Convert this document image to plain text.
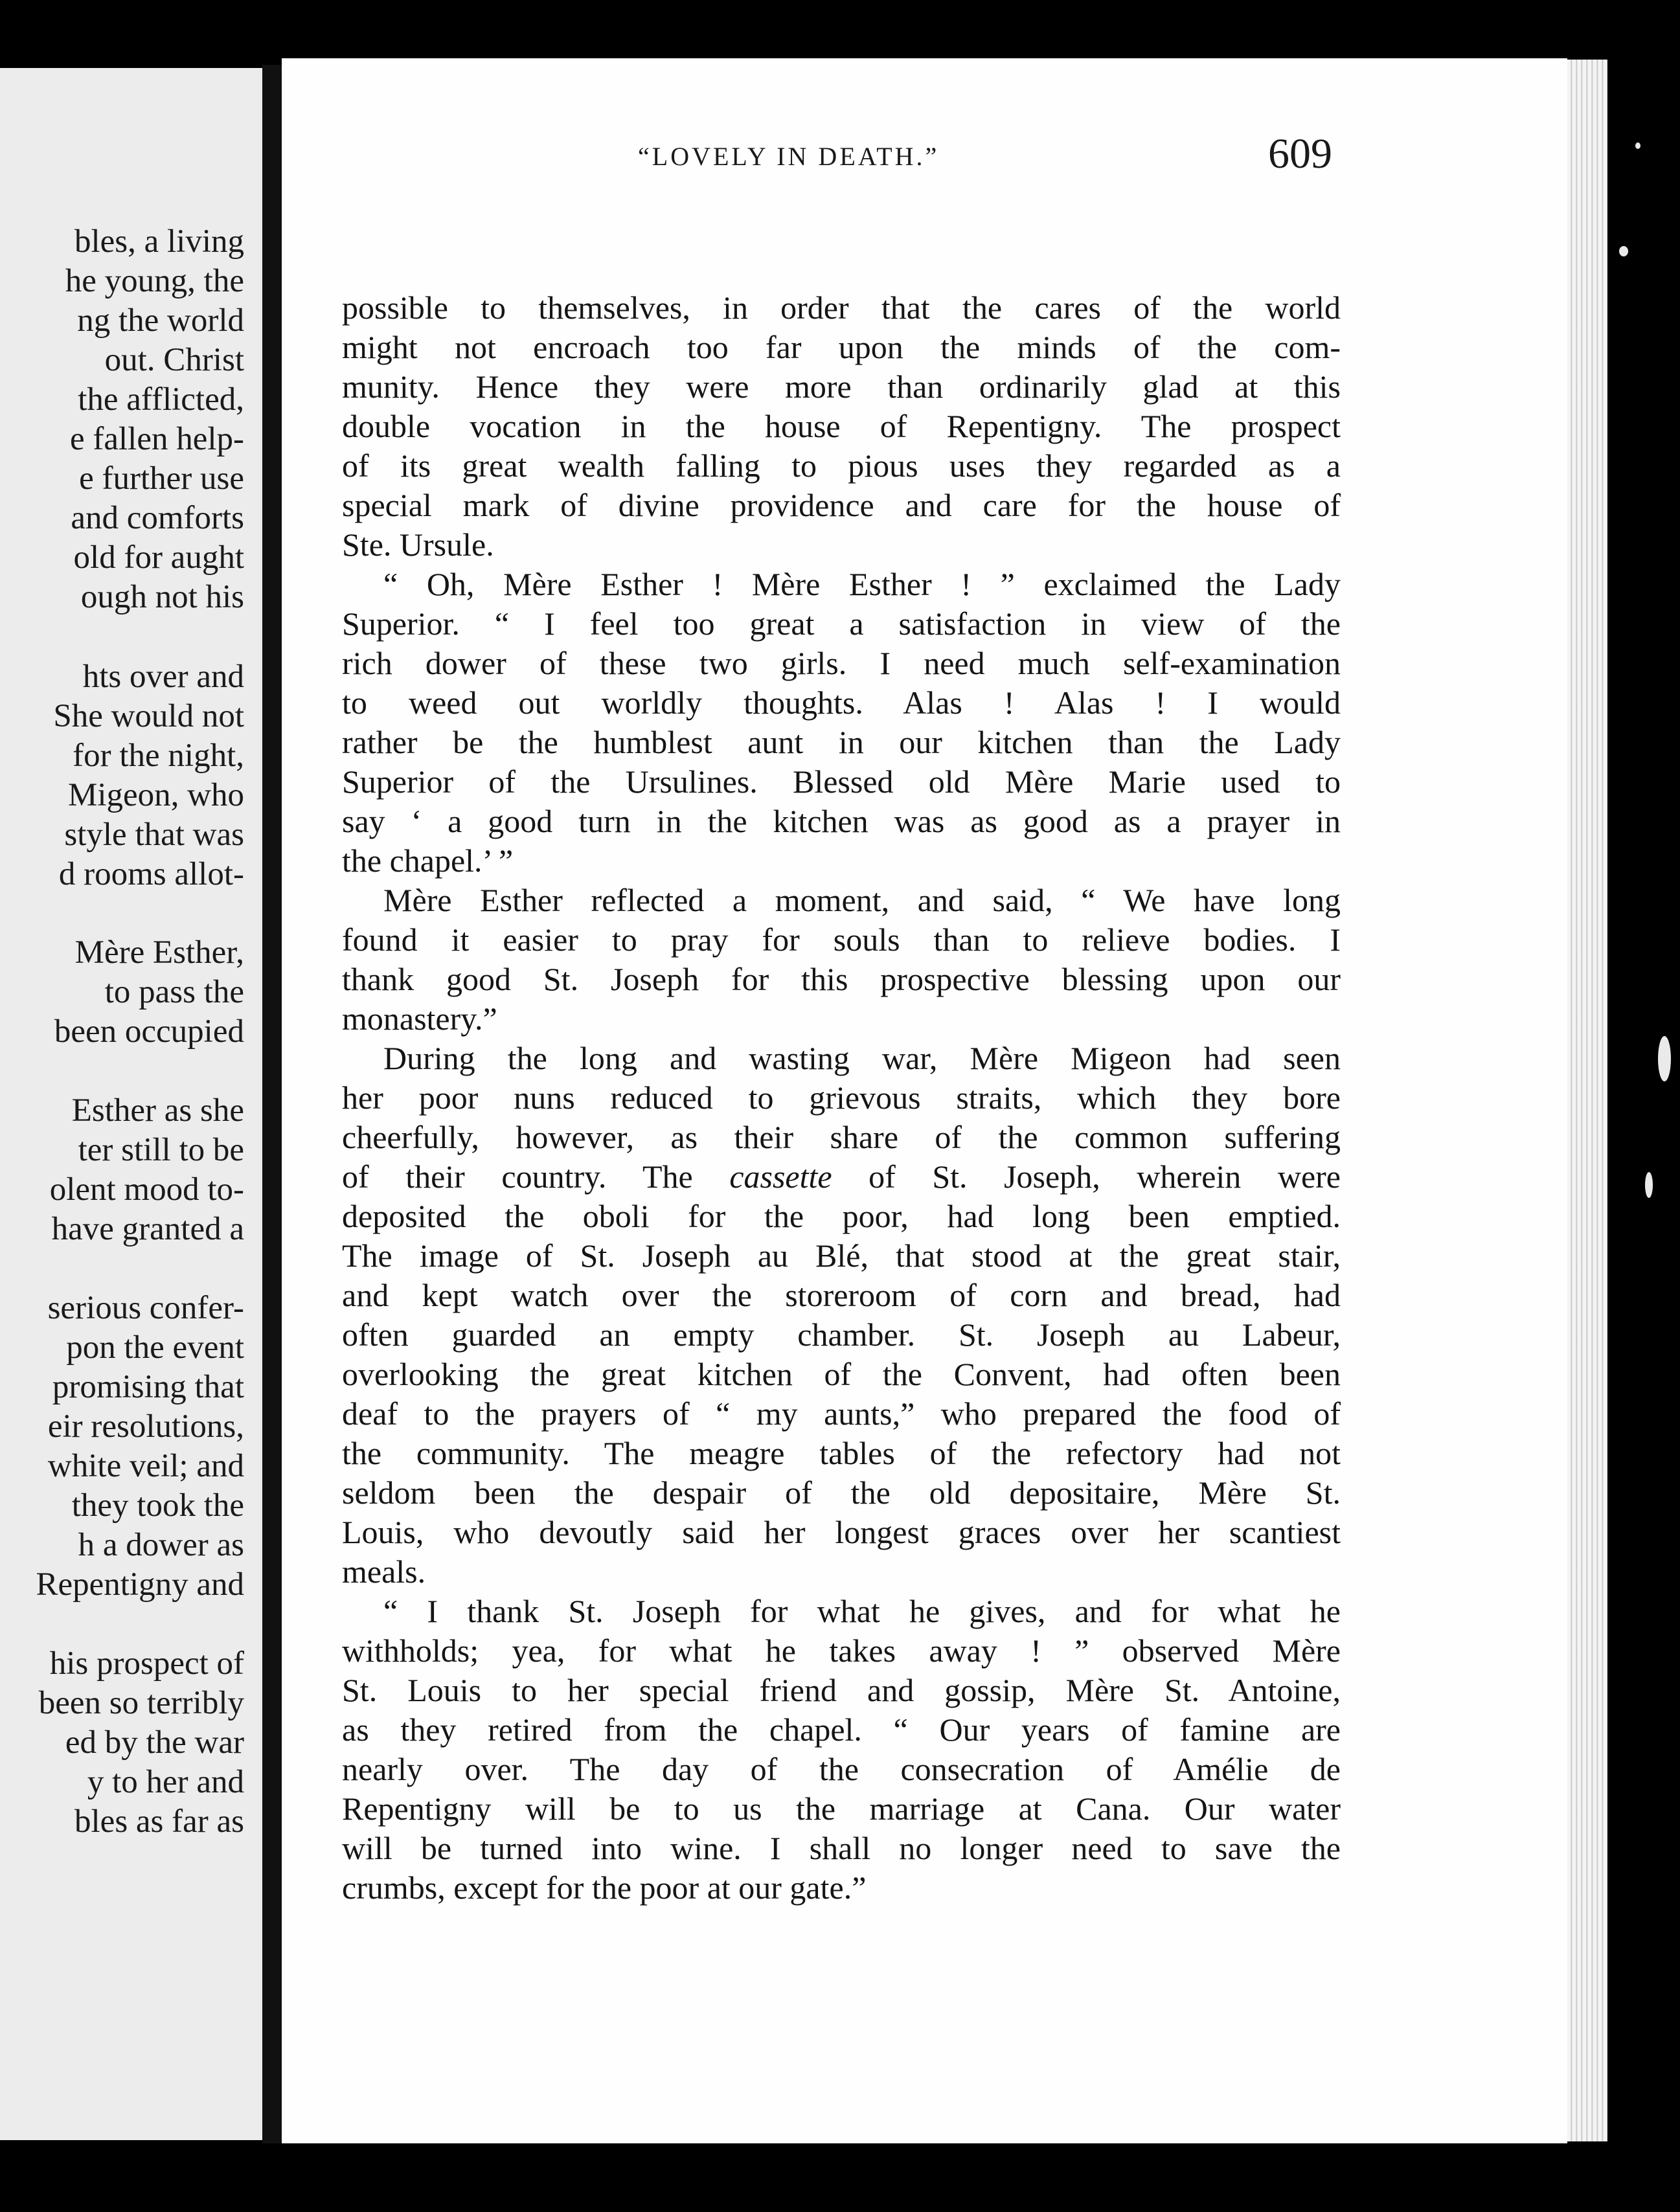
bles, a living
he young, the
ng the world
out. Christ
the afflicted,
e fallen help-
e further use
and comforts
old for aught
ough not his
hts over and
She would not
for the night,
Migeon, who
style that was
d rooms allot-
Mère Esther,
to pass the
been occupied
Esther as she
ter still to be
olent mood to-
have granted a
serious confer-
pon the event
promising that
eir resolutions,
white veil; and
they took the
h a dower as
Repentigny and
his prospect of
been so terribly
ed by the war
y to her and
bles as far as
“LOVELY IN DEATH.”	609
possible to themselves, in order that the cares of the world
might not encroach too far upon the minds of the com-
munity. Hence they were more than ordinarily glad at this
double vocation in the house of Repentigny. The prospect
of its great wealth falling to pious uses they regarded as a
special mark of divine providence and care for the house of
Ste. Ursule.
“ Oh, Mère Esther ! Mère Esther ! ” exclaimed the Lady
Superior. “ I feel too great a satisfaction in view of the
rich dower of these two girls. I need much self-examination
to weed out worldly thoughts. Alas ! Alas ! I would
rather be the humblest aunt in our kitchen than the Lady
Superior of the Ursulines. Blessed old Mère Marie used to
say ‘ a good turn in the kitchen was as good as a prayer in
the chapel.’ ”
Mère Esther reflected a moment, and said, “ We have long
found it easier to pray for souls than to relieve bodies. I
thank good St. Joseph for this prospective blessing upon our
monastery.”
During the long and wasting war, Mère Migeon had seen
her poor nuns reduced to grievous straits, which they bore
cheerfully, however, as their share of the common suffering
of their country. The cassette of St. Joseph, wherein were
deposited the oboli for the poor, had long been emptied.
The image of St. Joseph au Blé, that stood at the great stair,
and kept watch over the storeroom of corn and bread, had
often guarded an empty chamber. St. Joseph au Labeur,
overlooking the great kitchen of the Convent, had often been
deaf to the prayers of “ my aunts,” who prepared the food of
the community. The meagre tables of the refectory had not
seldom been the despair of the old depositaire, Mère St.
Louis, who devoutly said her longest graces over her scantiest
meals.
“ I thank St. Joseph for what he gives, and for what he
withholds; yea, for what he takes away ! ” observed Mère
St. Louis to her special friend and gossip, Mère St. Antoine,
as they retired from the chapel. “ Our years of famine are
nearly over. The day of the consecration of Amélie de
Repentigny will be to us the marriage at Cana. Our water
will be turned into wine. I shall no longer need to save the
crumbs, except for the poor at our gate.”
